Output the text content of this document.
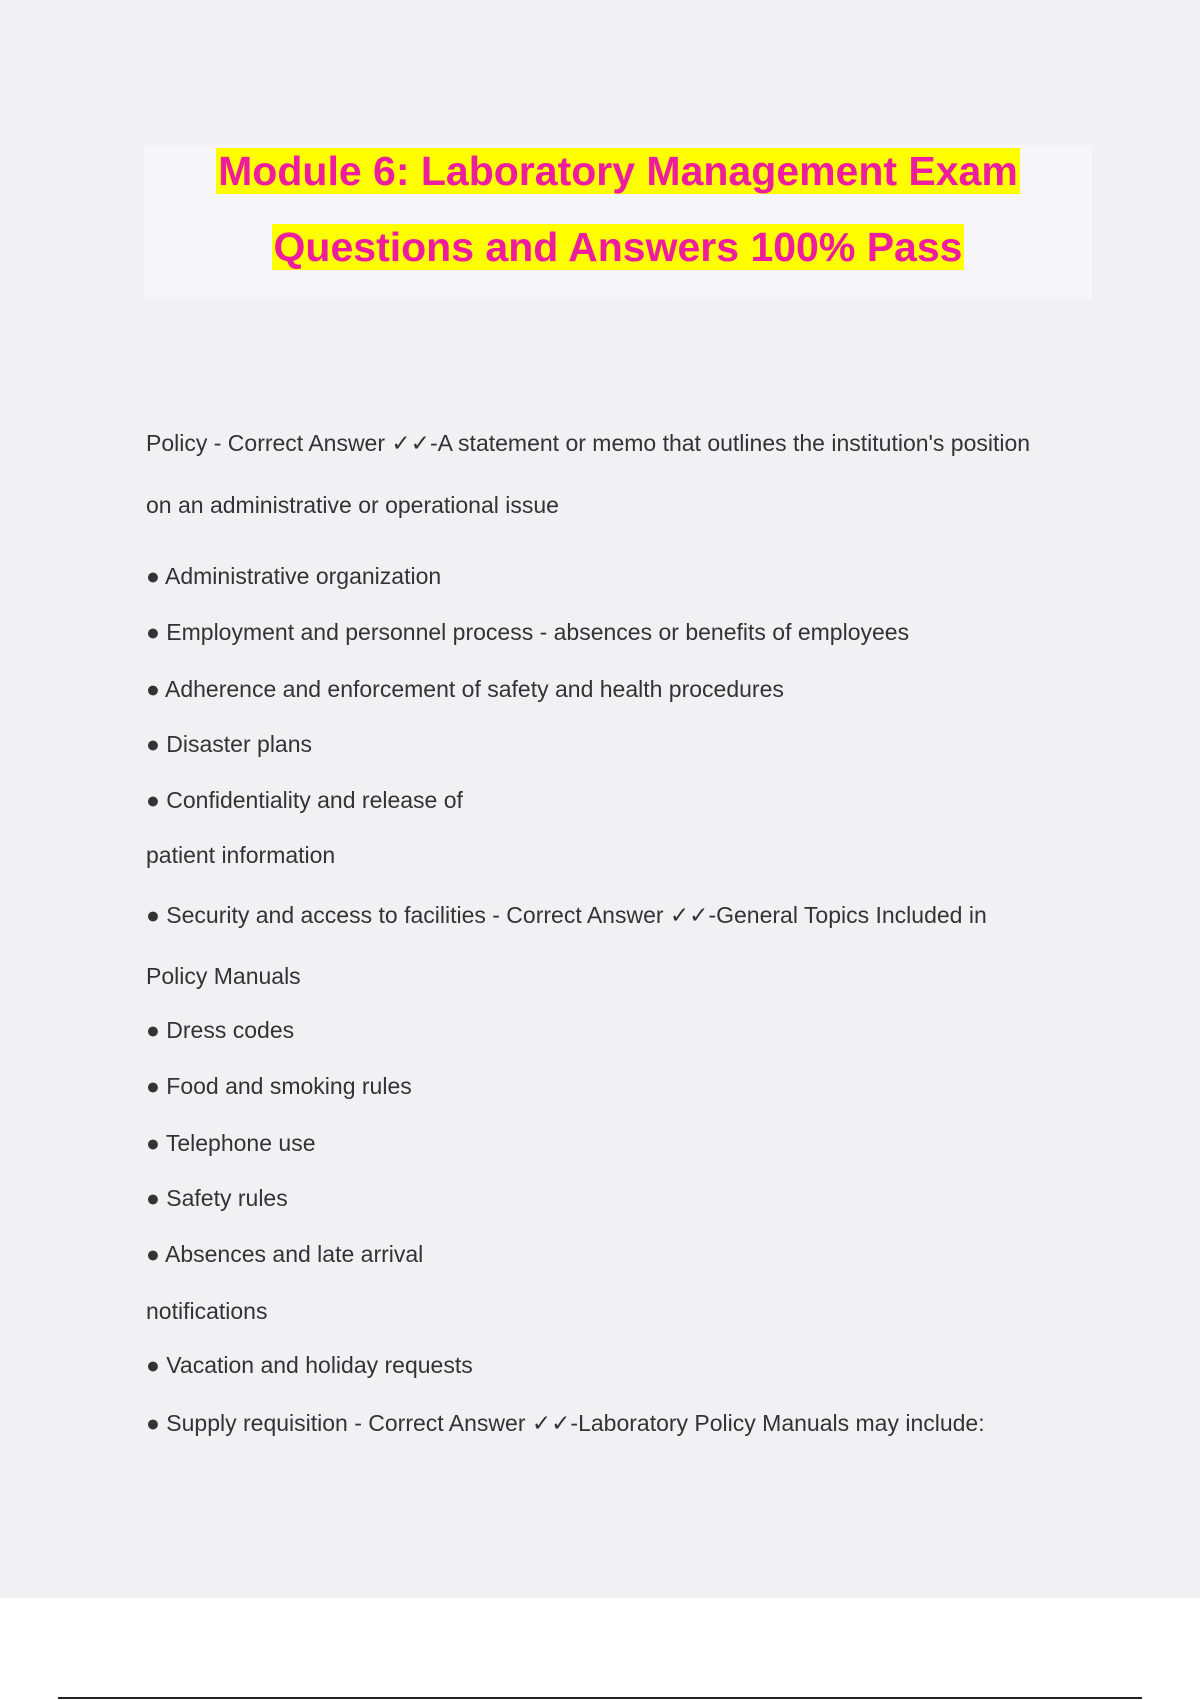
Module 6: Laboratory Management Exam
Questions and Answers 100% Pass
Policy - Correct Answer ✓✓-A statement or memo that outlines the institution's position
on an administrative or operational issue
● Administrative organization
● Employment and personnel process - absences or benefits of employees
● Adherence and enforcement of safety and health procedures
● Disaster plans
● Confidentiality and release of
patient information
● Security and access to facilities - Correct Answer ✓✓-General Topics Included in
Policy Manuals
● Dress codes
● Food and smoking rules
● Telephone use
● Safety rules
● Absences and late arrival
notifications
● Vacation and holiday requests
● Supply requisition - Correct Answer ✓✓-Laboratory Policy Manuals may include:
